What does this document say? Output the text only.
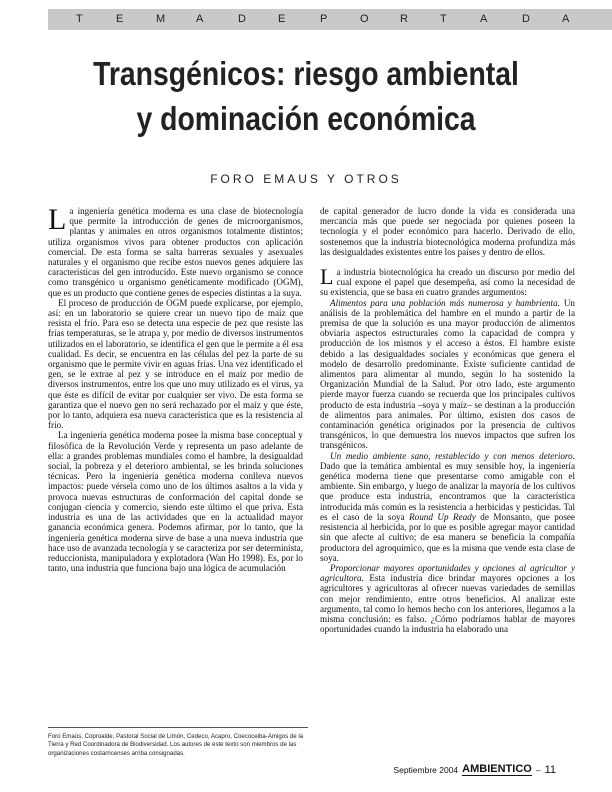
T	E	M	A	D	E	P	O	R	T	A	D	A
Transgénicos: riesgo ambiental
y dominación económica
FORO EMAUS Y OTROS

La ingeniería genética moderna es una clase de biotecnología que permite la introducción de genes de microorganismos, plantas y animales en otros organismos totalmente distintos; utiliza organismos vivos para obtener productos con aplicación comercial. De esta forma se salta barreras sexuales y asexuales naturales y el organismo que recibe estos nuevos genes adquiere las características del gen introducido. Este nuevo organismo se conoce como transgénico u organismo genéticamente modificado (OGM), que es un producto que contiene genes de especies distintas a la suya.

El proceso de producción de OGM puede explicarse, por ejemplo, así: en un laboratorio se quiere crear un nuevo tipo de maíz que resista el frío. Para eso se detecta una especie de pez que resiste las frías temperaturas, se le atrapa y, por medio de diversos instrumentos utilizados en el laboratorio, se identifica el gen que le permite a él esa cualidad. Es decir, se encuentra en las células del pez la parte de su organismo que le permite vivir en aguas frías. Una vez identificado el gen, se le extrae al pez y se introduce en el maíz por medio de diversos instrumentos, entre los que uno muy utilizado es el virus, ya que éste es difícil de evitar por cualquier ser vivo. De esta forma se garantiza que el nuevo gen no será rechazado por el maíz y que éste, por lo tanto, adquiera esa nueva característica que es la resistencia al frío.

La ingeniería genética moderna posee la misma base conceptual y filosófica de la Revolución Verde y representa un paso adelante de ella: a grandes problemas mundiales como el hambre, la desigualdad social, la pobreza y el deterioro ambiental, se les brinda soluciones técnicas. Pero la ingeniería genética moderna conlleva nuevos impactos: puede vérsela como uno de los últimos asaltos a la vida y provoca nuevas estructuras de conformación del capital donde se conjugan ciencia y comercio, siendo este último el que priva. Esta industria es una de las actividades que en la actualidad mayor ganancia económica genera. Podemos afirmar, por lo tanto, que la ingeniería genética moderna sirve de base a una nueva industria que hace uso de avanzada tecnología y se caracteriza por ser determinista, reduccionista, manipuladora y explotadora (Wan Ho 1998). Es, por lo tanto, una industria que funciona bajo una lógica de acumulación

de capital generador de lucro donde la vida es considerada una mercancía más que puede ser negociada por quienes poseen la tecnología y el poder económico para hacerlo. Derivado de ello, sostenemos que la industria biotecnológica moderna profundiza más las desigualdades existentes entre los países y dentro de ellos.

La industria biotecnológica ha creado un discurso por medio del cual expone el papel que desempeña, así como la necesidad de su existencia, que se basa en cuatro grandes argumentos:

Alimentos para una población más numerosa y hambrienta. Un análisis de la problemática del hambre en el mundo a partir de la premisa de que la solución es una mayor producción de alimentos obviaría aspectos estructurales como la capacidad de compra y producción de los mismos y el acceso a éstos. El hambre existe debido a las desigualdades sociales y económicas que genera el modelo de desarrollo predominante. Existe suficiente cantidad de alimentos para alimentar al mundo, según lo ha sostenido la Organización Mundial de la Salud. Por otro lado, este argumento pierde mayor fuerza cuando se recuerda que los principales cultivos producto de esta industria –soya y maíz– se destinan a la producción de alimentos para animales. Por último, existen dos casos de contaminación genética originados por la presencia de cultivos transgénicos, lo que demuestra los nuevos impactos que sufren los transgénicos.

Un medio ambiente sano, restablecido y con menos deterioro. Dado que la temática ambiental es muy sensible hoy, la ingeniería genética moderna tiene que presentarse como amigable con el ambiente. Sin embargo, y luego de analizar la mayoría de los cultivos que produce esta industria, encontramos que la característica introducida más común es la resistencia a herbicidas y pesticidas. Tal es el caso de la soya Round Up Ready de Monsanto, que posee resistencia al herbicida, por lo que es posible agregar mayor cantidad sin que afecte al cultivo; de esa manera se beneficia la compañía productora del agroquímico, que es la misma que vende esta clase de soya.

Proporcionar mayores oportunidades y opciones al agricultor y agricultora. Esta industria dice brindar mayores opciones a los agricultores y agricultoras al ofrecer nuevas variedades de semillas con mejor rendimiento, entre otros beneficios. Al analizar este argumento, tal como lo hemos hecho con los anteriores, llegamos a la misma conclusión: es falso. ¿Cómo podríamos hablar de mayores oportunidades cuando la industria ha elaborado una

Foro Emaús, Coproalde, Pastoral Social de Limón, Cedeco, Acapro, Coecoceiba-Amigos de la Tierra y Red Coordinadora de Biodiversidad. Los autores de este texto son miembros de las organizaciones costarricenses arriba consignadas.
Septiembre 2004 AMBIENTICO – 11
